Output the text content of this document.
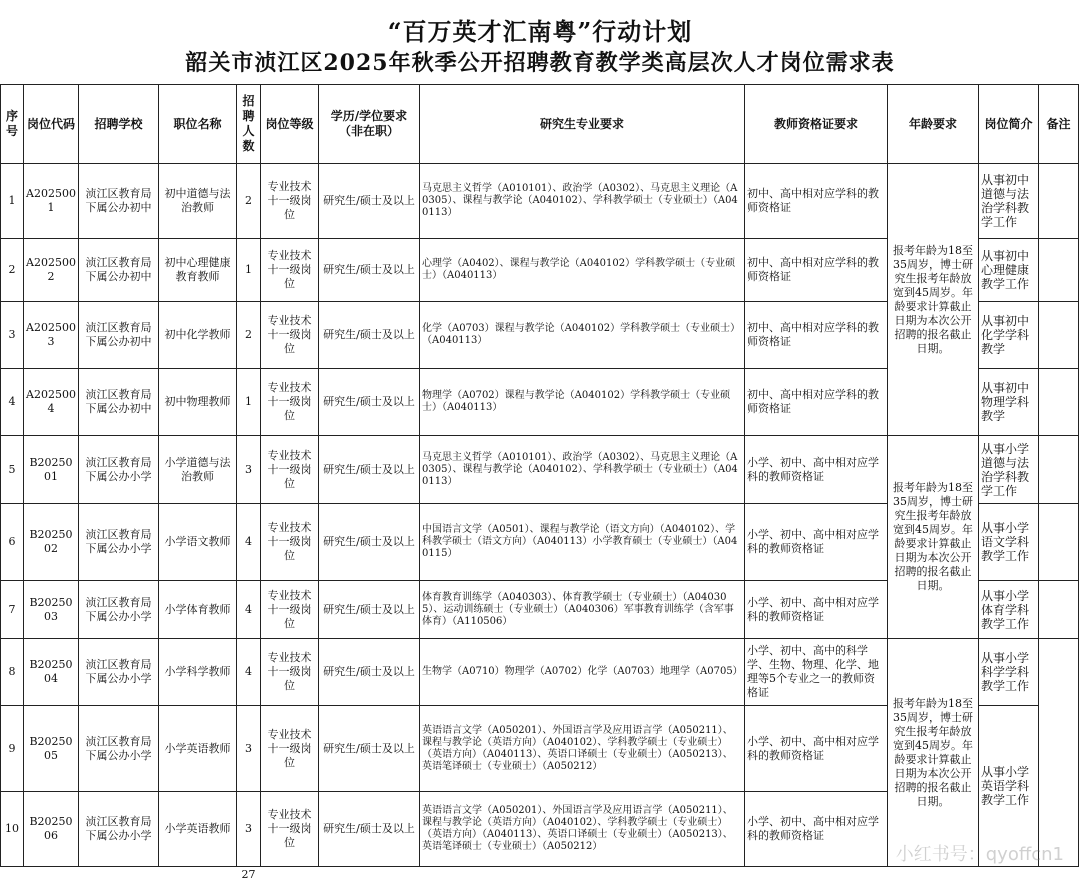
“百万英才汇南粤”行动计划
韶关市浈江区2025年秋季公开招聘教育教学类高层次人才岗位需求表
序号	岗位代码	招聘学校	职位名称	招聘人数	岗位等级	学历/学位要求（非在职）	研究生专业要求	教师资格证要求	年龄要求	岗位简介	备注
1	A2025001	浈江区教育局下属公办初中	初中道德与法治教师	2	专业技术十一级岗位	研究生/硕士及以上	马克思主义哲学（A010101）、政治学（A0302）、马克思主义理论（A0305）、课程与教学论（A040102）、学科教学硕士（专业硕士）（A040113）	初中、高中相对应学科的教师资格证	报考年龄为18至35周岁，博士研究生报考年龄放宽到45周岁。年龄要求计算截止日期为本次公开招聘的报名截止日期。	从事初中道德与法治学科教学工作	
2	A2025002	浈江区教育局下属公办初中	初中心理健康教育教师	1	专业技术十一级岗位	研究生/硕士及以上	心理学（A0402）、课程与教学论（A040102）学科教学硕士（专业硕士）（A040113）	初中、高中相对应学科的教师资格证		从事初中心理健康教学工作	
3	A2025003	浈江区教育局下属公办初中	初中化学教师	2	专业技术十一级岗位	研究生/硕士及以上	化学（A0703）课程与教学论（A040102）学科教学硕士（专业硕士）（A040113）	初中、高中相对应学科的教师资格证		从事初中化学学科教学	
4	A2025004	浈江区教育局下属公办初中	初中物理教师	1	专业技术十一级岗位	研究生/硕士及以上	物理学（A0702）课程与教学论（A040102）学科教学硕士（专业硕士）（A040113）	初中、高中相对应学科的教师资格证		从事初中物理学科教学	
5	B2025001	浈江区教育局下属公办小学	小学道德与法治教师	3	专业技术十一级岗位	研究生/硕士及以上	马克思主义哲学（A010101）、政治学（A0302）、马克思主义理论（A0305）、课程与教学论（A040102）、学科教学硕士（专业硕士）（A040113）	小学、初中、高中相对应学科的教师资格证	报考年龄为18至35周岁，博士研究生报考年龄放宽到45周岁。年龄要求计算截止日期为本次公开招聘的报名截止日期。	从事小学道德与法治学科教学工作	
6	B2025002	浈江区教育局下属公办小学	小学语文教师	4	专业技术十一级岗位	研究生/硕士及以上	中国语言文学（A0501）、课程与教学论（语文方向）（A040102）、学科教学硕士（语文方向）（A040113）小学教育硕士（专业硕士）（A040115）	小学、初中、高中相对应学科的教师资格证		从事小学语文学科教学工作	
7	B2025003	浈江区教育局下属公办小学	小学体育教师	4	专业技术十一级岗位	研究生/硕士及以上	体育教育训练学（A040303）、体育教学硕士（专业硕士）（A040305）、运动训练硕士（专业硕士）（A040306）军事教育训练学（含军事体育）（A110506）	小学、初中、高中相对应学科的教师资格证		从事小学体育学科教学工作	
8	B2025004	浈江区教育局下属公办小学	小学科学教师	4	专业技术十一级岗位	研究生/硕士及以上	生物学（A0710）物理学（A0702）化学（A0703）地理学（A0705）	小学、初中、高中的科学学、生物、物理、化学、地理等5个专业之一的教师资格证	报考年龄为18至35周岁，博士研究生报考年龄放宽到45周岁。年龄要求计算截止日期为本次公开招聘的报名截止日期。	从事小学科学学科教学工作	
9	B2025005	浈江区教育局下属公办小学	小学英语教师	3	专业技术十一级岗位	研究生/硕士及以上	英语语言文学（A050201）、外国语言学及应用语言学（A050211）、课程与教学论（英语方向）（A040102）、学科教学硕士（专业硕士）（英语方向）（A040113）、英语口译硕士（专业硕士）（A050213）、英语笔译硕士（专业硕士）（A050212）	小学、初中、高中相对应学科的教师资格证		从事小学英语学科教学工作	
10	B2025006	浈江区教育局下属公办小学	小学英语教师	3	专业技术十一级岗位	研究生/硕士及以上	英语语言文学（A050201）、外国语言学及应用语言学（A050211）、课程与教学论（英语方向）（A040102）、学科教学硕士（专业硕士）（英语方向）（A040113）、英语口译硕士（专业硕士）（A050213）、英语笔译硕士（专业硕士）（A050212）	小学、初中、高中相对应学科的教师资格证			
				27							
小红书号：qyoffcn1
